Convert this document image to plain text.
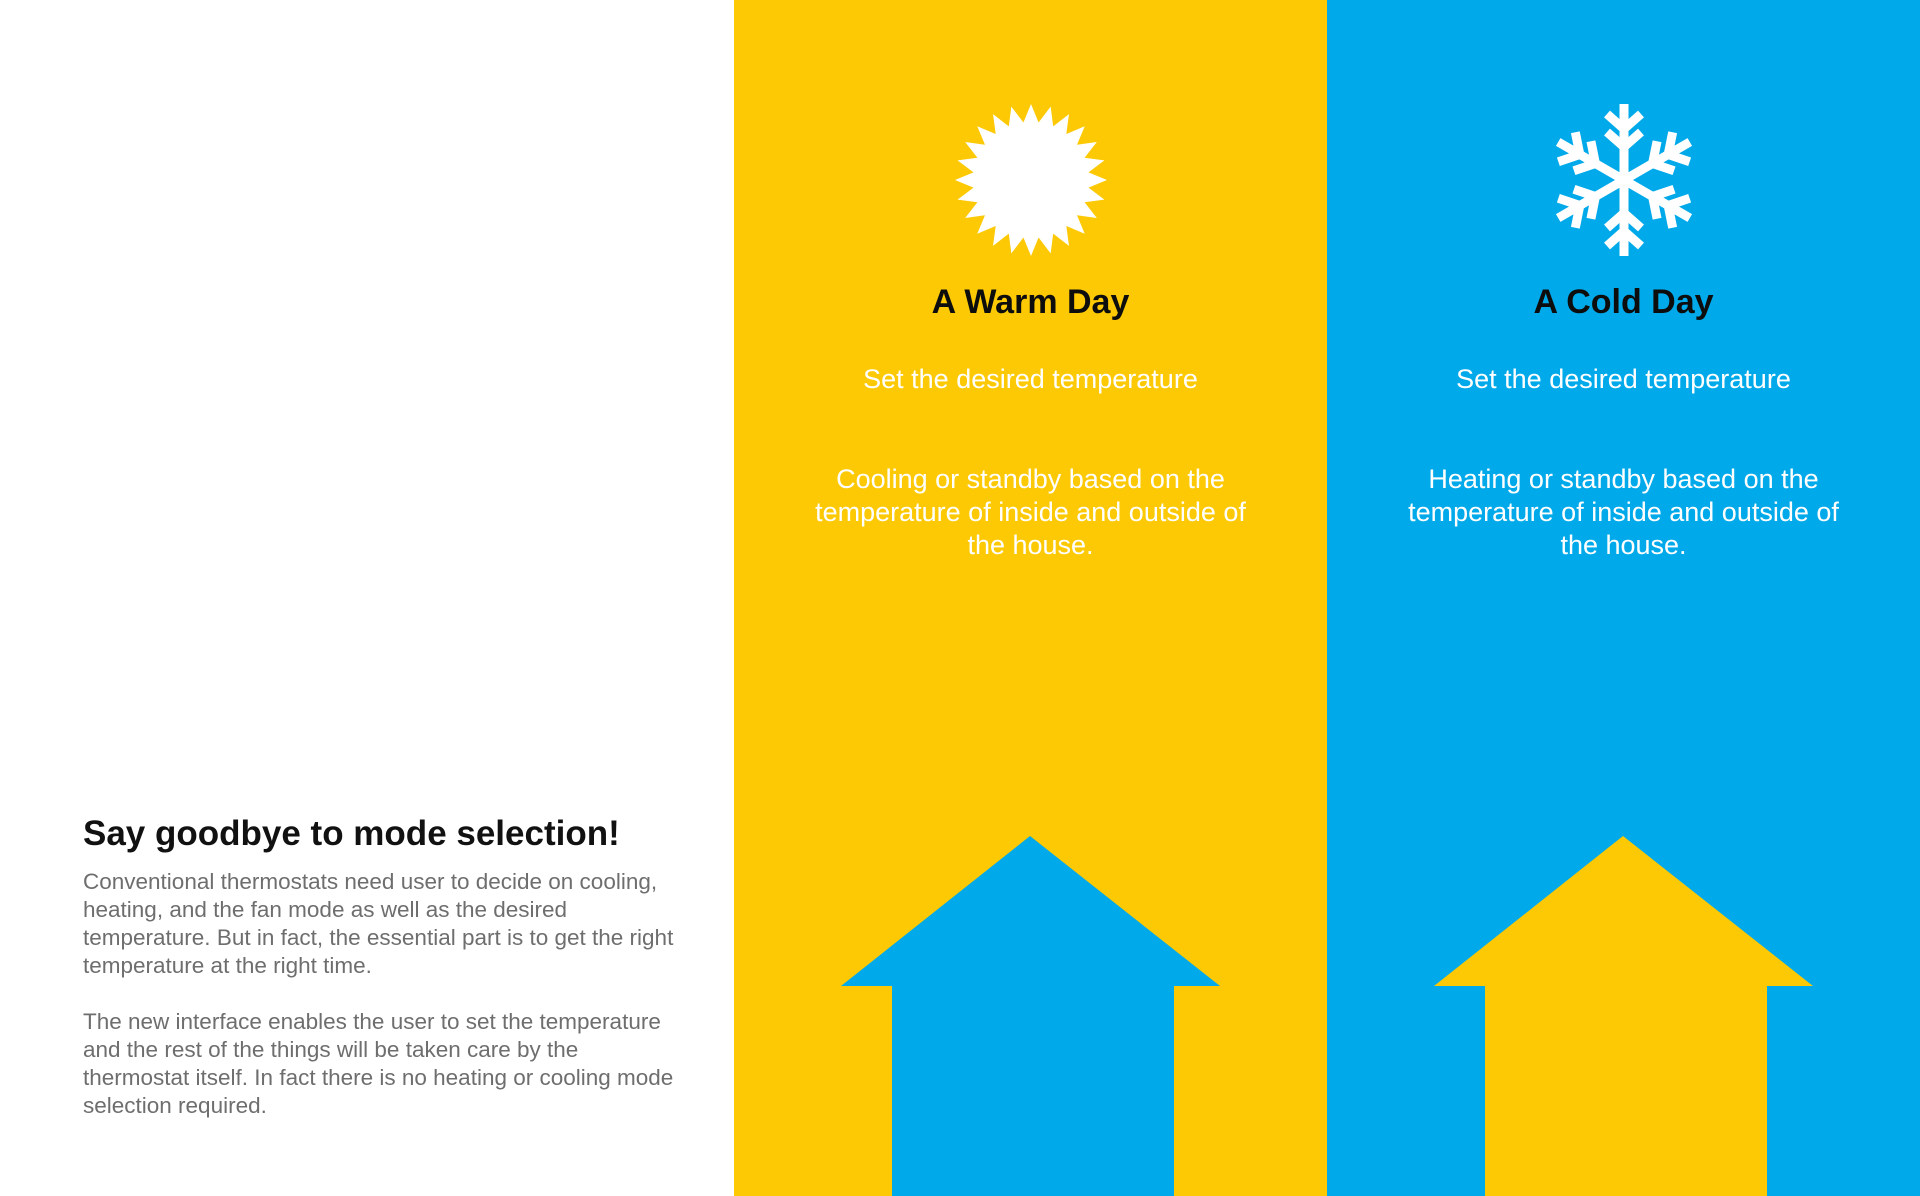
Say goodbye to mode selection!

Conventional thermostats need user to decide on cooling, heating, and the fan mode as well as the desired temperature. But in fact, the essential part is to get the right temperature at the right time.

The new interface enables the user to set the temperature and the rest of the things will be taken care by the thermostat itself. In fact there is no heating or cooling mode selection required.

A Warm Day
Set the desired temperature
Cooling or standby based on the temperature of inside and outside of the house.
A Cold Day
Set the desired temperature
Heating or standby based on the temperature of inside and outside of the house.
